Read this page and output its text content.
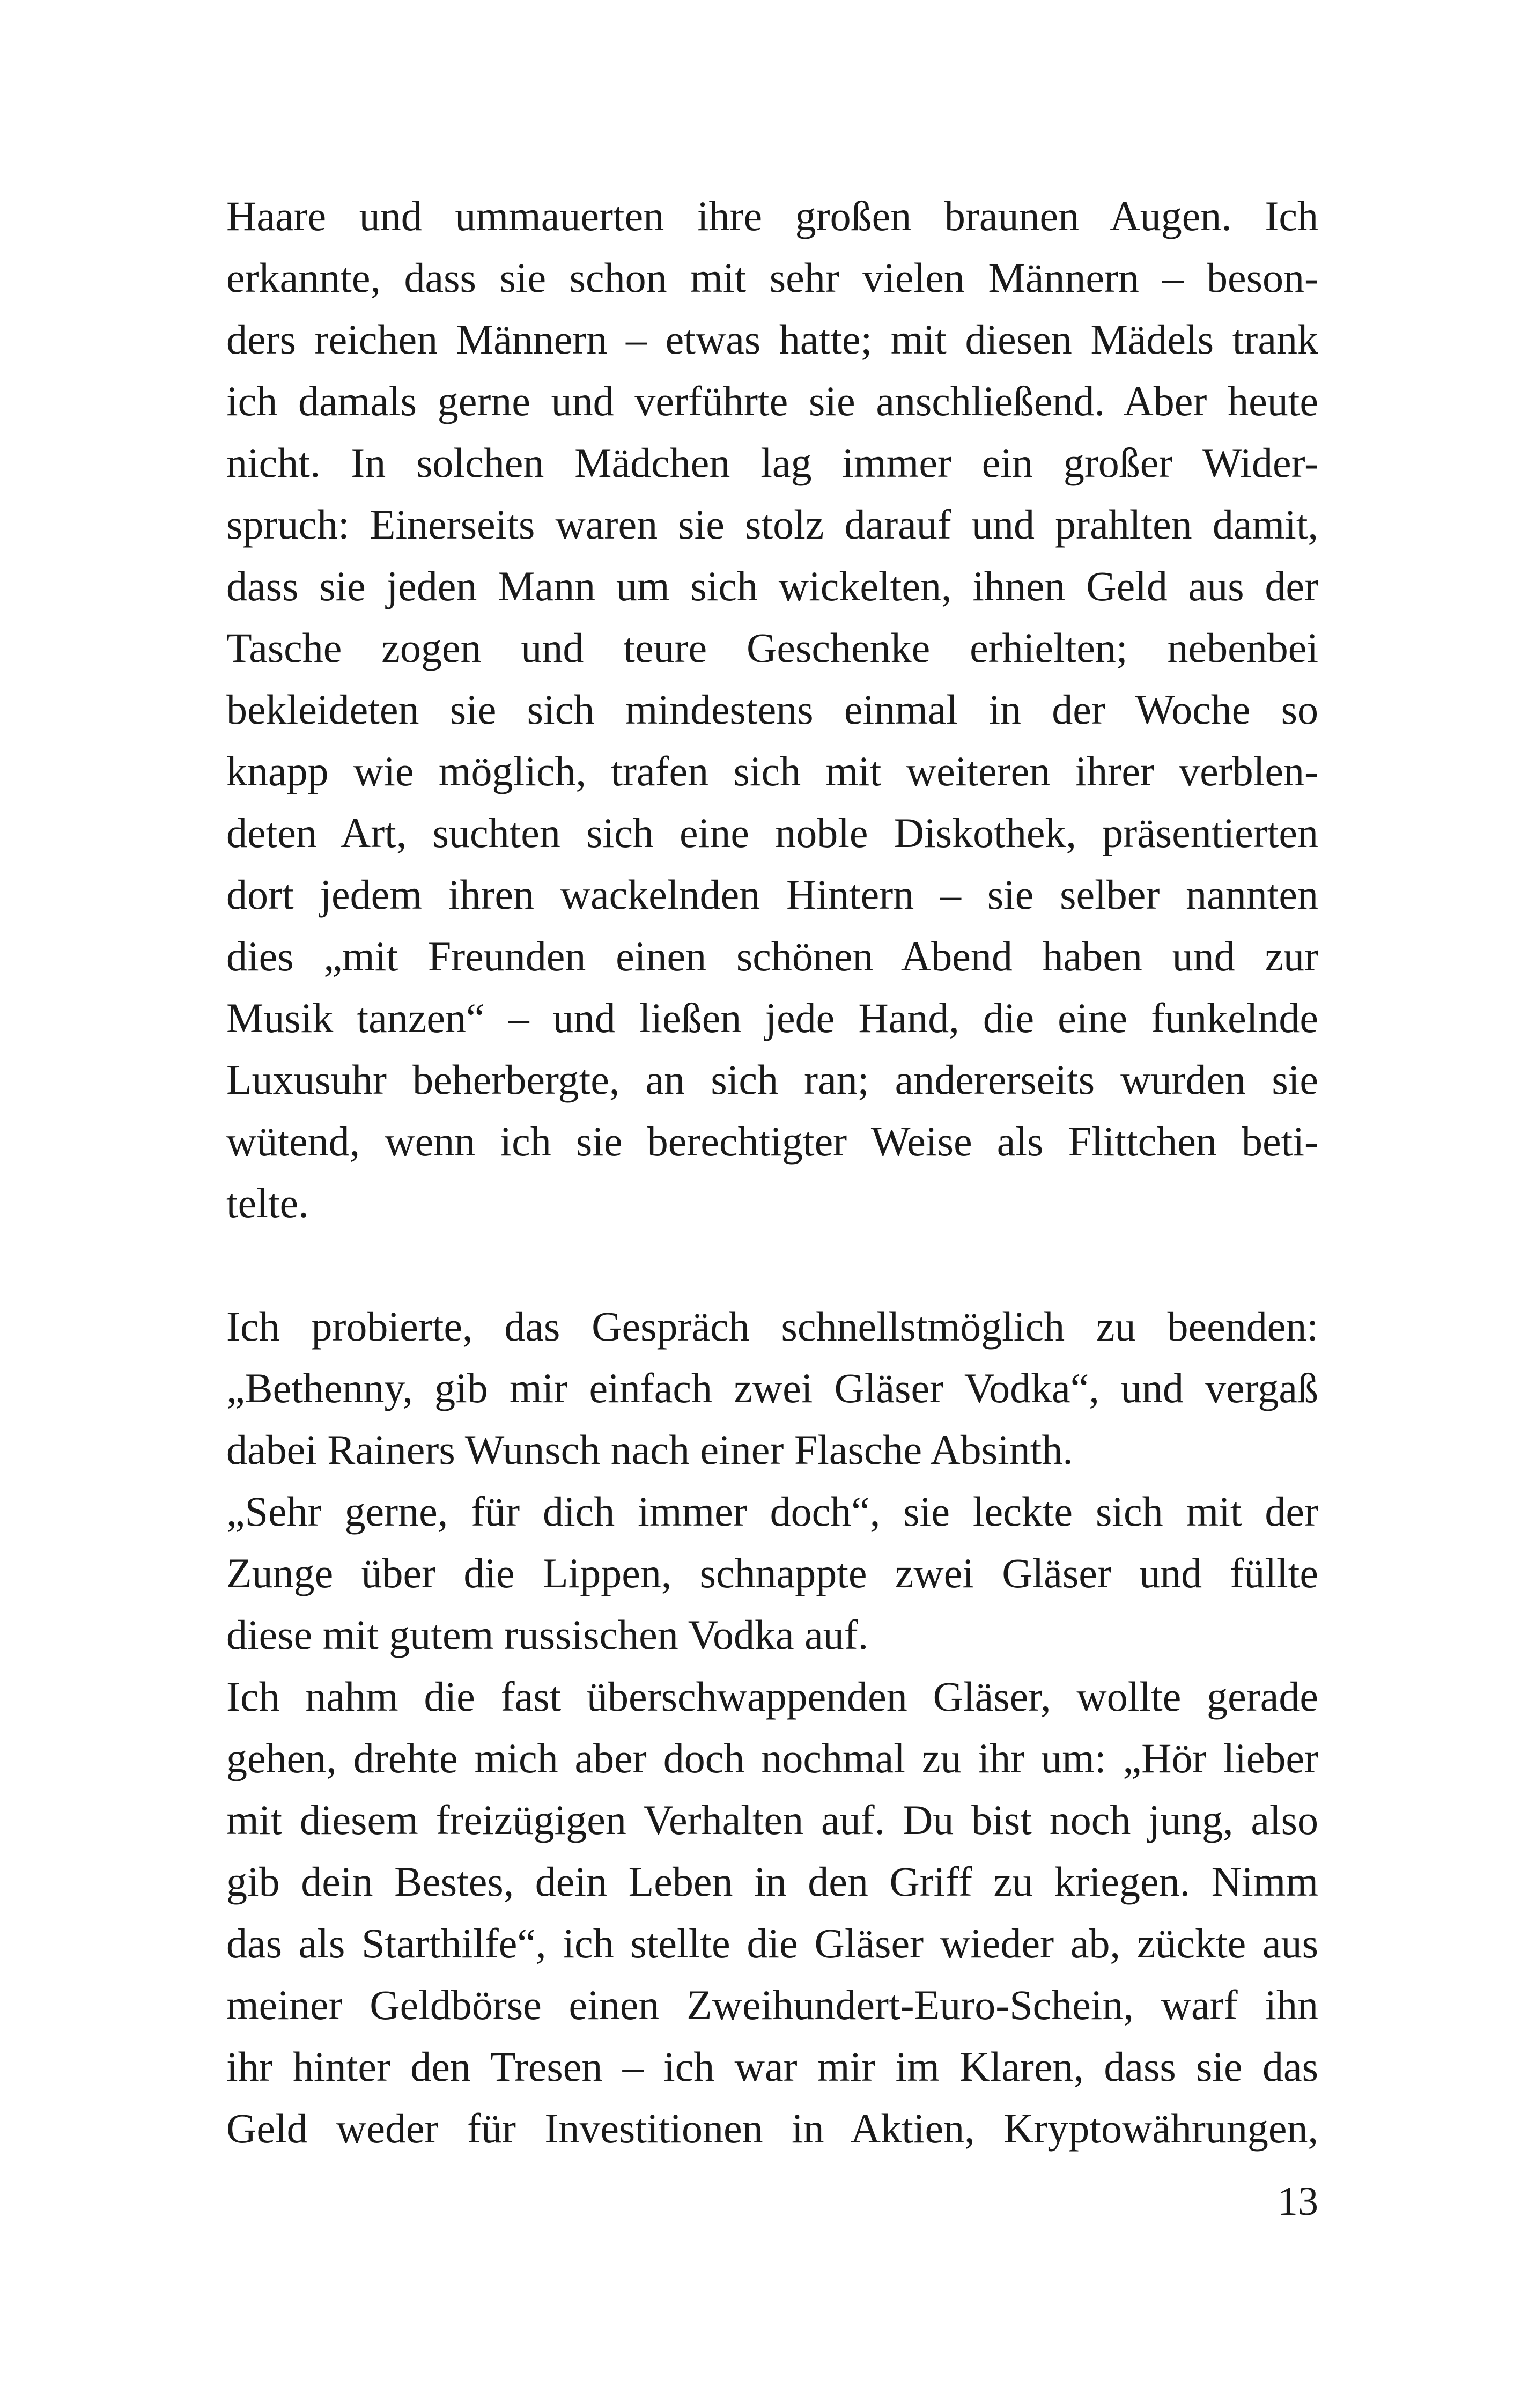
Haare und ummauerten ihre großen braunen Augen. Ich
erkannte, dass sie schon mit sehr vielen Männern – beson-
ders reichen Männern – etwas hatte; mit diesen Mädels trank
ich damals gerne und verführte sie anschließend. Aber heute
nicht. In solchen Mädchen lag immer ein großer Wider-
spruch: Einerseits waren sie stolz darauf und prahlten damit,
dass sie jeden Mann um sich wickelten, ihnen Geld aus der
Tasche zogen und teure Geschenke erhielten; nebenbei
bekleideten sie sich mindestens einmal in der Woche so
knapp wie möglich, trafen sich mit weiteren ihrer verblen-
deten Art, suchten sich eine noble Diskothek, präsentierten
dort jedem ihren wackelnden Hintern – sie selber nannten
dies „mit Freunden einen schönen Abend haben und zur
Musik tanzen“ – und ließen jede Hand, die eine funkelnde
Luxusuhr beherbergte, an sich ran; andererseits wurden sie
wütend, wenn ich sie berechtigter Weise als Flittchen beti-
telte.

Ich probierte, das Gespräch schnellstmöglich zu beenden:
„Bethenny, gib mir einfach zwei Gläser Vodka“, und vergaß
dabei Rainers Wunsch nach einer Flasche Absinth.

„Sehr gerne, für dich immer doch“, sie leckte sich mit der
Zunge über die Lippen, schnappte zwei Gläser und füllte
diese mit gutem russischen Vodka auf.

Ich nahm die fast überschwappenden Gläser, wollte gerade
gehen, drehte mich aber doch nochmal zu ihr um: „Hör lieber
mit diesem freizügigen Verhalten auf. Du bist noch jung, also
gib dein Bestes, dein Leben in den Griff zu kriegen. Nimm
das als Starthilfe“, ich stellte die Gläser wieder ab, zückte aus
meiner Geldbörse einen Zweihundert-Euro-Schein, warf ihn
ihr hinter den Tresen – ich war mir im Klaren, dass sie das
Geld weder für Investitionen in Aktien, Kryptowährungen,

13
